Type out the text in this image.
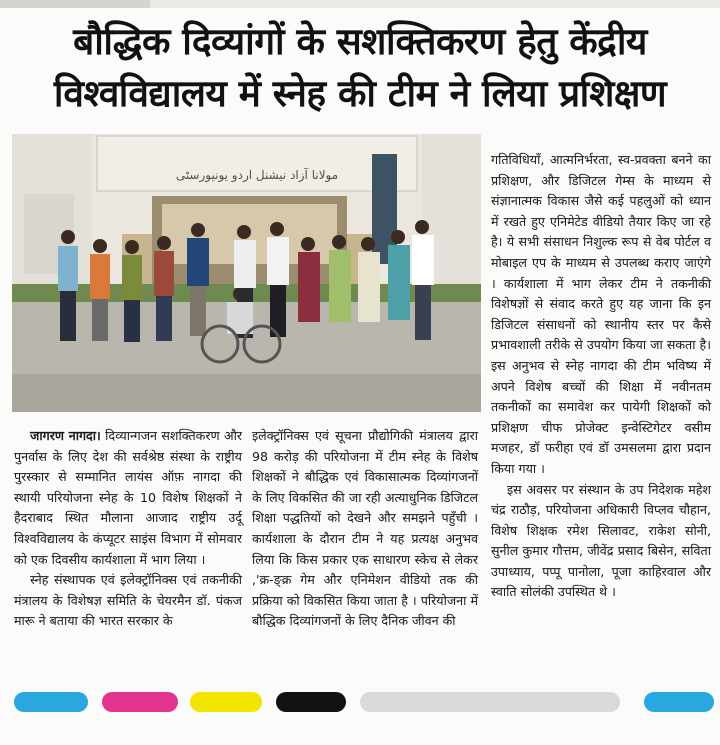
बौद्धिक दिव्यांगों के सशक्तिकरण हेतु केंद्रीय
विश्वविद्यालय में स्नेह की टीम ने लिया प्रशिक्षण
مولانا آزاد نیشنل اردو یونیورسٹی

जागरण नागदा। दिव्यान्गजन सशक्तिकरण और पुनर्वास के लिए देश की सर्वश्रेष्ठ संस्था के राष्ट्रीय पुरस्कार से सम्मानित लायंस ऑफ़ नागदा की स्थायी परियोजना स्नेह के 10 विशेष शिक्षकों ने हैदराबाद स्थित मौलाना आजाद राष्ट्रीय उर्दू विश्वविद्यालय के कंप्यूटर साइंस विभाग में सोमवार को एक दिवसीय कार्यशाला में भाग लिया ।

स्नेह संस्थापक एवं इलेक्ट्रॉनिक्स एवं तकनीकी मंत्रालय के विशेषज्ञ समिति के चेयरमैन डॉ. पंकज मारू ने बताया की भारत सरकार के

इलेक्ट्रॉनिक्स एवं सूचना प्रौद्योगिकी मंत्रालय द्वारा 98 करोड़ की परियोजना में टीम स्नेह के विशेष शिक्षकों ने बौद्धिक एवं विकासात्मक दिव्यांगजनों के लिए विकसित की जा रही अत्याधुनिक डिजिटल शिक्षा पद्धतियों को देखने और समझने पहुँची । कार्यशाला के दौरान टीम ने यह प्रत्यक्ष अनुभव लिया कि किस प्रकार एक साधारण स्केच से लेकर ,'क्र-ङ्क्र गेम और एनिमेशन वीडियो तक की प्रक्रिया को विकसित किया जाता है । परियोजना में बौद्धिक दिव्यांगजनों के लिए दैनिक जीवन की

गतिविधियाँ, आत्मनिर्भरता, स्व-प्रवक्ता बनने का प्रशिक्षण, और डिजिटल गेम्स के माध्यम से संज्ञानात्मक विकास जैसे कई पहलुओं को ध्यान में रखते हुए एनिमेटेड वीडियो तैयार किए जा रहे है। ये सभी संसाधन निशुल्क रूप से वेब पोर्टल व मोबाइल एप के माध्यम से उपलब्ध कराए जाएंगे । कार्यशाला में भाग लेकर टीम ने तकनीकी विशेषज्ञों से संवाद करते हुए यह जाना कि इन डिजिटल संसाधनों को स्थानीय स्तर पर कैसे प्रभावशाली तरीके से उपयोग किया जा सकता है। इस अनुभव से स्नेह नागदा की टीम भविष्य में अपने विशेष बच्चों की शिक्षा में नवीनतम तकनीकों का समावेश कर पायेगी शिक्षकों को प्रशिक्षण चीफ प्रोजेक्ट इन्वेस्टिगेटर वसीम मजहर, डॉ फरीहा एवं डॉ उमसलमा द्वारा प्रदान किया गया ।

इस अवसर पर संस्थान के उप निदेशक महेश चंद्र राठौड़, परियोजना अधिकारी विप्लव चौहान, विशेष शिक्षक रमेश सिलावट, राकेश सोनी, सुनील कुमार गौत्तम, जीवेंद्र प्रसाद बिसेन, सविता उपाध्याय, पप्पू पानोला, पूजा काहिरवाल और स्वाति सोलंकी उपस्थित थे ।
